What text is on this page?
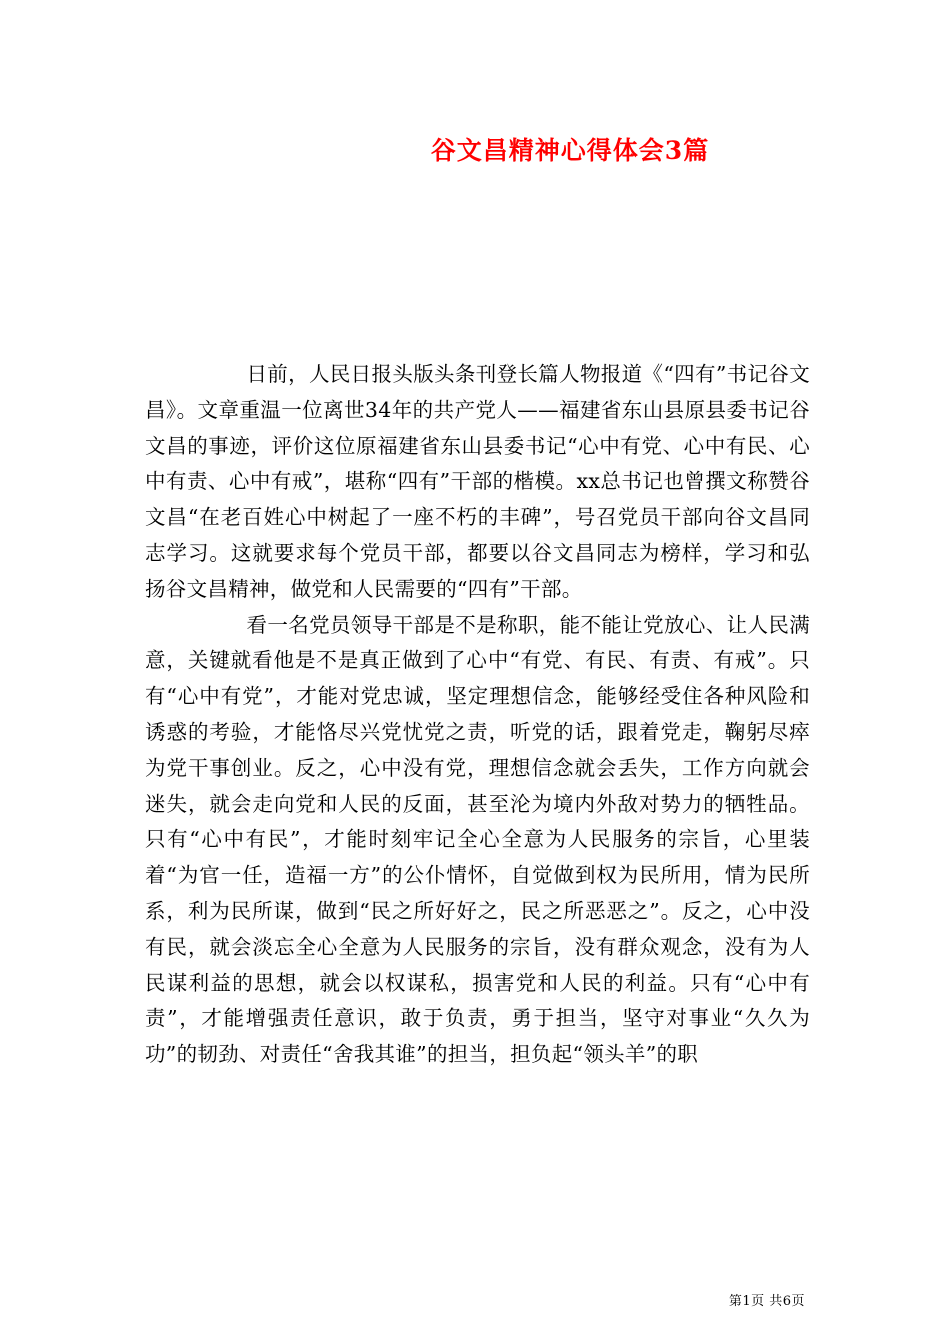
谷文昌精神心得体会3篇

日前，人民日报头版头条刊登长篇人物报道《“四有”书记谷文昌》。文章重温一位离世34年的共产党人——福建省东山县原县委书记谷文昌的事迹，评价这位原福建省东山县委书记“心中有党、心中有民、心中有责、心中有戒”，堪称“四有”干部的楷模。xx总书记也曾撰文称赞谷文昌“在老百姓心中树起了一座不朽的丰碑”，号召党员干部向谷文昌同志学习。这就要求每个党员干部，都要以谷文昌同志为榜样，学习和弘扬谷文昌精神，做党和人民需要的“四有”干部。

看一名党员领导干部是不是称职，能不能让党放心、让人民满意，关键就看他是不是真正做到了心中“有党、有民、有责、有戒”。只有“心中有党”，才能对党忠诚，坚定理想信念，能够经受住各种风险和诱惑的考验，才能恪尽兴党忧党之责，听党的话，跟着党走，鞠躬尽瘁为党干事创业。反之，心中没有党，理想信念就会丢失，工作方向就会迷失，就会走向党和人民的反面，甚至沦为境内外敌对势力的牺牲品。只有“心中有民”，才能时刻牢记全心全意为人民服务的宗旨，心里装着“为官一任，造福一方”的公仆情怀，自觉做到权为民所用，情为民所系，利为民所谋，做到“民之所好好之，民之所恶恶之”。反之，心中没有民，就会淡忘全心全意为人民服务的宗旨，没有群众观念，没有为人民谋利益的思想，就会以权谋私，损害党和人民的利益。只有“心中有责”，才能增强责任意识，敢于负责，勇于担当，坚守对事业“久久为功”的韧劲、对责任“舍我其谁”的担当，担负起“领头羊”的职

第1页 共6页
